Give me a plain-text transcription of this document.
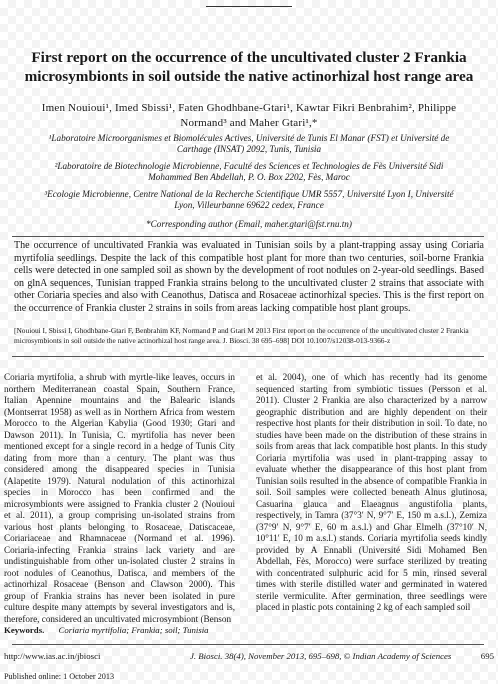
First report on the occurrence of the uncultivated cluster 2 Frankia microsymbionts in soil outside the native actinorhizal host range area
Imen Nouioui¹, Imed Sbissi¹, Faten Ghodhbane-Gtari¹, Kawtar Fikri Benbrahim², Philippe Normand³ and Maher Gtari¹,*

¹Laboratoire Microorganismes et Biomolécules Actives, Université de Tunis El Manar (FST) et Université de Carthage (INSAT) 2092, Tunis, Tunisia

²Laboratoire de Biotechnologie Microbienne, Faculté des Sciences et Technologies de Fès Université Sidi Mohammed Ben Abdellah, P. O. Box 2202, Fès, Maroc

³Ecologie Microbienne, Centre National de la Recherche Scientifique UMR 5557, Université Lyon I, Université Lyon, Villeurbanne 69622 cedex, France

*Corresponding author (Email, maher.gtari@fst.rnu.tn)

The occurrence of uncultivated Frankia was evaluated in Tunisian soils by a plant-trapping assay using Coriaria myrtifolia seedlings. Despite the lack of this compatible host plant for more than two centuries, soil-borne Frankia cells were detected in one sampled soil as shown by the development of root nodules on 2-year-old seedlings. Based on glnA sequences, Tunisian trapped Frankia strains belong to the uncultivated cluster 2 strains that associate with other Coriaria species and also with Ceanothus, Datisca and Rosaceae actinorhizal species. This is the first report on the occurrence of Frankia cluster 2 strains in soils from areas lacking compatible host plant groups.

[Nouioui I, Sbissi I, Ghodhbane-Gtari F, Benbrahim KF, Normand P and Gtari M 2013 First report on the occurrence of the uncultivated cluster 2 Frankia microsymbionts in soil outside the native actinorhizal host range area. J. Biosci. 38 695–698] DOI 10.1007/s12038-013-9366-z

Coriaria myrtifolia, a shrub with myrtle-like leaves, occurs in northern Mediterranean coastal Spain, Southern France, Italian Apennine mountains and the Balearic islands (Montserrat 1958) as well as in Northern Africa from western Morocco to the Algerian Kabylia (Good 1930; Gtari and Dawson 2011). In Tunisia, C. myrtifolia has never been mentioned except for a single record in a hedge of Tunis City dating from more than a century. The plant was thus considered among the disappeared species in Tunisia (Alapetite 1979). Natural nodulation of this actinorhizal species in Morocco has been confirmed and the microsymbionts were assigned to Frankia cluster 2 (Nouioui et al. 2011), a group comprising un-isolated strains from various host plants belonging to Rosaceae, Datiscaceae, Coriariaceae and Rhamnaceae (Normand et al. 1996). Coriaria-infecting Frankia strains lack variety and are undistinguishable from other un-isolated cluster 2 strains in root nodules of Ceanothus, Datisca, and members of the actinorhizal Rosaceae (Benson and Clawson 2000). This group of Frankia strains has never been isolated in pure culture despite many attempts by several investigators and is, therefore, considered an uncultivated microsymbiont (Benson

et al. 2004), one of which has recently had its genome sequenced starting from symbiotic tissues (Persson et al. 2011). Cluster 2 Frankia are also characterized by a narrow geographic distribution and are highly dependent on their respective host plants for their distribution in soil. To date, no studies have been made on the distribution of these strains in soils from areas that lack compatible host plants. In this study Coriaria myrtifolia was used in plant-trapping assay to evaluate whether the disappearance of this host plant from Tunisian soils resulted in the absence of compatible Frankia in soil. Soil samples were collected beneath Alnus glutinosa, Casuarina glauca and Elaeagnus angustifolia plants, respectively, in Tamra (37°3′ N, 9°7′ E, 150 m a.s.l.), Zemiza (37°9′ N, 9°7′ E, 60 m a.s.l.) and Ghar Elmelh (37°10′ N, 10°11′ E, 10 m a.s.l.) stands. Coriaria myrtifolia seeds kindly provided by A Ennabli (Université Sidi Mohamed Ben Abdellah, Fès, Morocco) were surface sterilized by treating with concentrated sulphuric acid for 5 min, rinsed several times with sterile distilled water and germinated in watered sterile vermiculite. After germination, three seedlings were placed in plastic pots containing 2 kg of each sampled soil

Keywords. Coriaria myrtifolia; Frankia; soil; Tunisia
http://www.ias.ac.in/jbiosci	J. Biosci. 38(4), November 2013, 695–698, © Indian Academy of Sciences	695
Published online: 1 October 2013
